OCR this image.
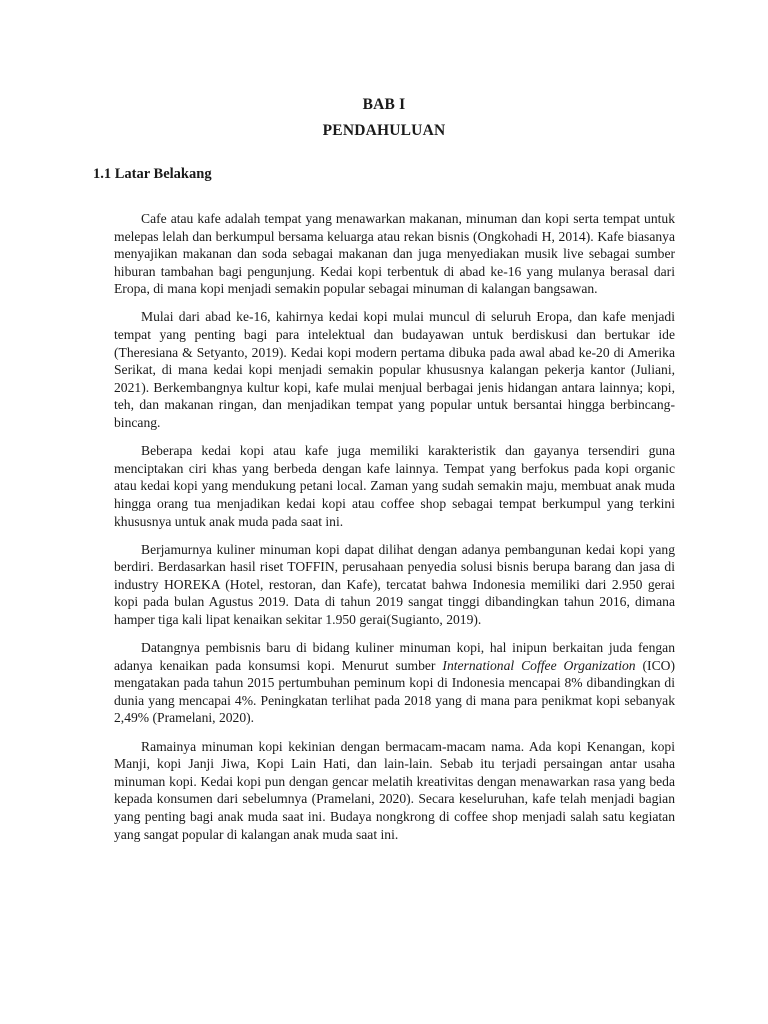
BAB I
PENDAHULUAN
1.1 Latar Belakang

Cafe atau kafe adalah tempat yang menawarkan makanan, minuman dan kopi serta tempat untuk melepas lelah dan berkumpul bersama keluarga atau rekan bisnis (Ongkohadi H, 2014). Kafe biasanya menyajikan makanan dan soda sebagai makanan dan juga menyediakan musik live sebagai sumber hiburan tambahan bagi pengunjung. Kedai kopi terbentuk di abad ke-16 yang mulanya berasal dari Eropa, di mana kopi menjadi semakin popular sebagai minuman di kalangan bangsawan.

Mulai dari abad ke-16, kahirnya kedai kopi mulai muncul di seluruh Eropa, dan kafe menjadi tempat yang penting bagi para intelektual dan budayawan untuk berdiskusi dan bertukar ide (Theresiana & Setyanto, 2019). Kedai kopi modern pertama dibuka pada awal abad ke-20 di Amerika Serikat, di mana kedai kopi menjadi semakin popular khususnya kalangan pekerja kantor (Juliani, 2021). Berkembangnya kultur kopi, kafe mulai menjual berbagai jenis hidangan antara lainnya; kopi, teh, dan makanan ringan, dan menjadikan tempat yang popular untuk bersantai hingga berbincang-bincang.

Beberapa kedai kopi atau kafe juga memiliki karakteristik dan gayanya tersendiri guna menciptakan ciri khas yang berbeda dengan kafe lainnya. Tempat yang berfokus pada kopi organic atau kedai kopi yang mendukung petani local. Zaman yang sudah semakin maju, membuat anak muda hingga orang tua menjadikan kedai kopi atau coffee shop sebagai tempat berkumpul yang terkini khususnya untuk anak muda pada saat ini.

Berjamurnya kuliner minuman kopi dapat dilihat dengan adanya pembangunan kedai kopi yang berdiri. Berdasarkan hasil riset TOFFIN, perusahaan penyedia solusi bisnis berupa barang dan jasa di industry HOREKA (Hotel, restoran, dan Kafe), tercatat bahwa Indonesia memiliki dari 2.950 gerai kopi pada bulan Agustus 2019. Data di tahun 2019 sangat tinggi dibandingkan tahun 2016, dimana hamper tiga kali lipat kenaikan sekitar 1.950 gerai(Sugianto, 2019).

Datangnya pembisnis baru di bidang kuliner minuman kopi, hal inipun berkaitan juda fengan adanya kenaikan pada konsumsi kopi. Menurut sumber International Coffee Organization (ICO) mengatakan pada tahun 2015 pertumbuhan peminum kopi di Indonesia mencapai 8% dibandingkan di dunia yang mencapai 4%. Peningkatan terlihat pada 2018 yang di mana para penikmat kopi sebanyak 2,49% (Pramelani, 2020).

Ramainya minuman kopi kekinian dengan bermacam-macam nama. Ada kopi Kenangan, kopi Manji, kopi Janji Jiwa, Kopi Lain Hati, dan lain-lain. Sebab itu terjadi persaingan antar usaha minuman kopi. Kedai kopi pun dengan gencar melatih kreativitas dengan menawarkan rasa yang beda kepada konsumen dari sebelumnya (Pramelani, 2020). Secara keseluruhan, kafe telah menjadi bagian yang penting bagi anak muda saat ini. Budaya nongkrong di coffee shop menjadi salah satu kegiatan yang sangat popular di kalangan anak muda saat ini.
